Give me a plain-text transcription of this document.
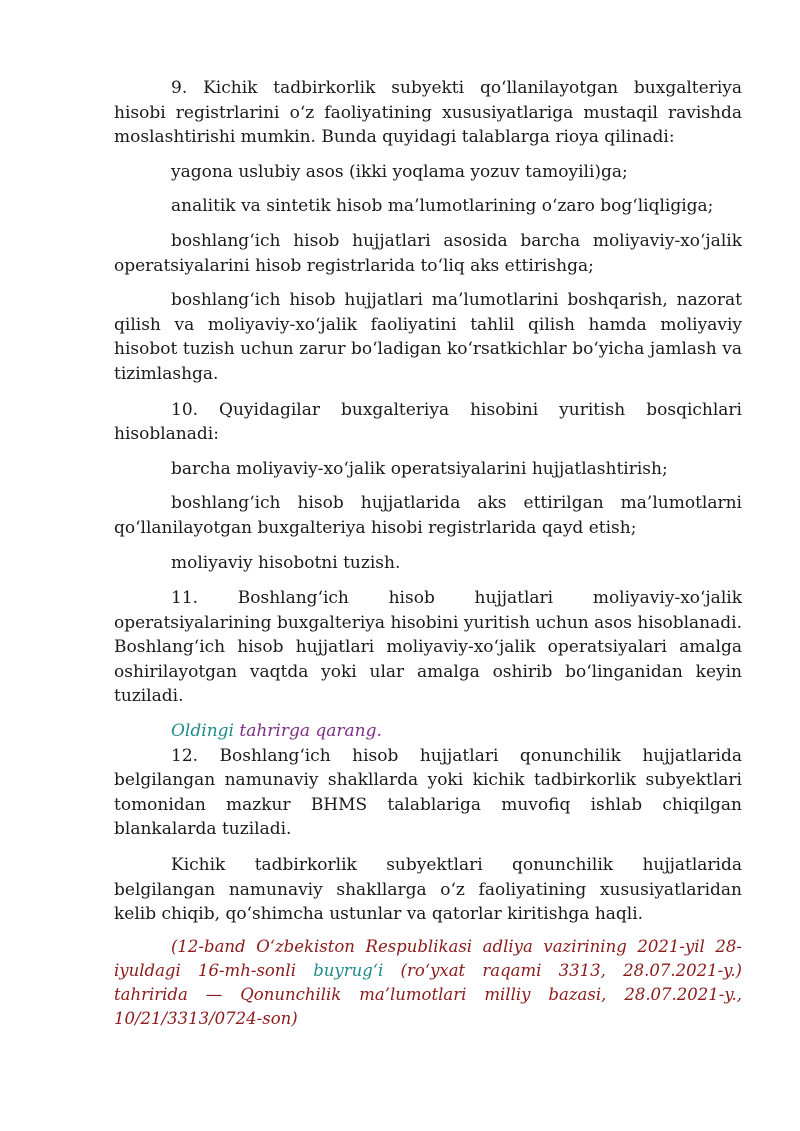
9. Kichik tadbirkorlik subyekti qo‘llanilayotgan buxgalteriya hisobi registrlarini o‘z faoliyatining xususiyatlariga mustaqil ravishda moslashtirishi mumkin. Bunda quyidagi talablarga rioya qilinadi:

yagona uslubiy asos (ikki yoqlama yozuv tamoyili)ga;

analitik va sintetik hisob ma’lumotlarining o‘zaro bog‘liqligiga;

boshlang‘ich hisob hujjatlari asosida barcha moliyaviy-xo‘jalik operatsiyalarini hisob registrlarida to‘liq aks ettirishga;

boshlang‘ich hisob hujjatlari ma’lumotlarini boshqarish, nazorat qilish va moliyaviy-xo‘jalik faoliyatini tahlil qilish hamda moliyaviy hisobot tuzish uchun zarur bo‘ladigan ko‘rsatkichlar bo‘yicha jamlash va tizimlashga.

10. Quyidagilar buxgalteriya hisobini yuritish bosqichlari hisoblanadi:

barcha moliyaviy-xo‘jalik operatsiyalarini hujjatlashtirish;

boshlang‘ich hisob hujjatlarida aks ettirilgan ma’lumotlarni qo‘llanilayotgan buxgalteriya hisobi registrlarida qayd etish;

moliyaviy hisobotni tuzish.

11. Boshlang‘ich hisob hujjatlari moliyaviy-xo‘jalik operatsiyalarining buxgalteriya hisobini yuritish uchun asos hisoblanadi. Boshlang‘ich hisob hujjatlari moliyaviy-xo‘jalik operatsiyalari amalga oshirilayotgan vaqtda yoki ular amalga oshirib bo‘linganidan keyin tuziladi.

Oldingi tahrirga qarang.

12. Boshlang‘ich hisob hujjatlari qonunchilik hujjatlarida belgilangan namunaviy shakllarda yoki kichik tadbirkorlik subyektlari tomonidan mazkur BHMS talablariga muvofiq ishlab chiqilgan blankalarda tuziladi.

Kichik tadbirkorlik subyektlari qonunchilik hujjatlarida belgilangan namunaviy shakllarga o‘z faoliyatining xususiyatlaridan kelib chiqib, qo‘shimcha ustunlar va qatorlar kiritishga haqli.

(12-band O‘zbekiston Respublikasi adliya vazirining 2021-yil 28-iyuldagi 16-mh-sonli buyrug‘i (ro‘yxat raqami 3313, 28.07.2021-y.) tahririda — Qonunchilik ma’lumotlari milliy bazasi, 28.07.2021-y., 10/21/3313/0724-son)
